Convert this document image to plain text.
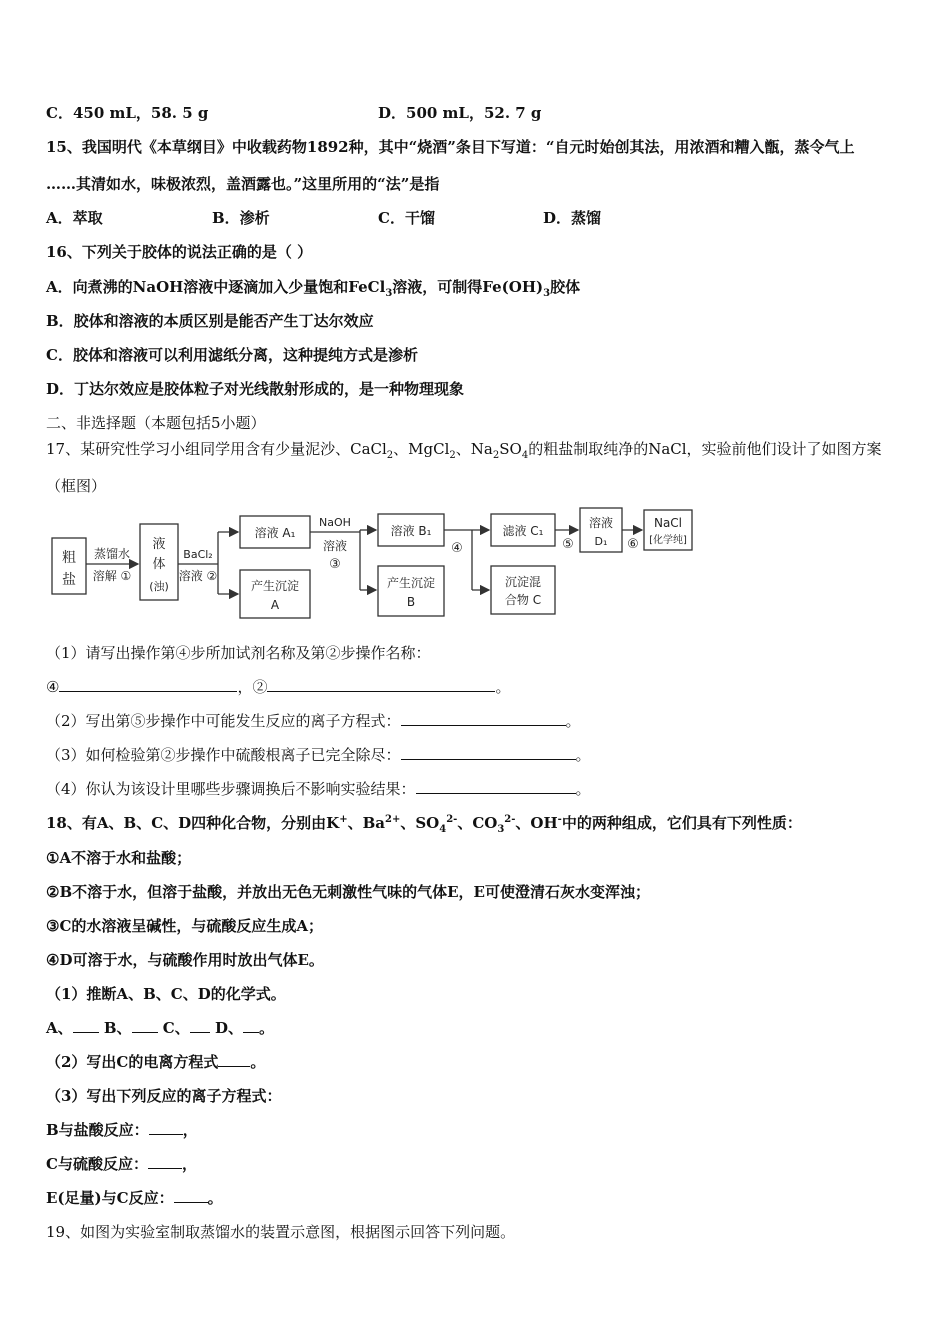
C．450 mL，58. 5 g	D．500 mL，52. 7 g
15、我国明代《本草纲目》中收载药物1892种，其中“烧酒”条目下写道：“自元时始创其法，用浓酒和糟入甑，蒸令气上
……其清如水，味极浓烈，盖酒露也。”这里所用的“法”是指
A．萃取	B．渗析	C．干馏	D．蒸馏
16、下列关于胶体的说法正确的是（ ）
A．向煮沸的NaOH溶液中逐滴加入少量饱和FeCl$_3$溶液，可制得$Fe(OH)_3$胶体
B．胶体和溶液的本质区别是能否产生丁达尔效应
C．胶体和溶液可以利用滤纸分离，这种提纯方式是渗析
D．丁达尔效应是胶体粒子对光线散射形成的，是一种物理现象
二、非选择题（本题包括5小题）
17、某研究性学习小组同学用含有少量泥沙、CaCl$_2$、MgCl$_2$、$Na_2SO_4$的粗盐制取纯净的NaCl，实验前他们设计了如图方案
（框图）
粗
盐
液
体
(浊)
溶液 A₁
产生沉淀
A
溶液 B₁
产生沉淀
B
滤液 C₁
沉淀混
合物 C
溶液
D₁
NaCl
[化学纯]
蒸馏水
溶解 ①
BaCl₂
溶液 ②
NaOH
溶液
③
④	⑤	⑥
（1）请写出操作第④步所加试剂名称及第②步操作名称：
④	，②	。
（2）写出第⑤步操作中可能发生反应的离子方程式：	。
（3）如何检验第②步操作中硫酸根离子已完全除尽：	。
（4）你认为该设计里哪些步骤调换后不影响实验结果：	。
18、有A、B、C、D四种化合物，分别由K+、$Ba^{2+}$、$SO_4^{2-}$、$CO_3^{2-}$、OH-中的两种组成，它们具有下列性质：
①A不溶于水和盐酸；
②B不溶于水，但溶于盐酸，并放出无色无刺激性气味的气体E，E可使澄清石灰水变浑浊；
③C的水溶液呈碱性，与硫酸反应生成A；
④D可溶于水，与硫酸作用时放出气体E。
（1）推断A、B、C、D的化学式。
A、 B、 C、 D、 。
（2）写出C的电离方程式 。
（3）写出下列反应的离子方程式：
B与盐酸反应： ，
C与硫酸反应： ，
E(足量)与C反应： 。
19、如图为实验室制取蒸馏水的装置示意图，根据图示回答下列问题。
